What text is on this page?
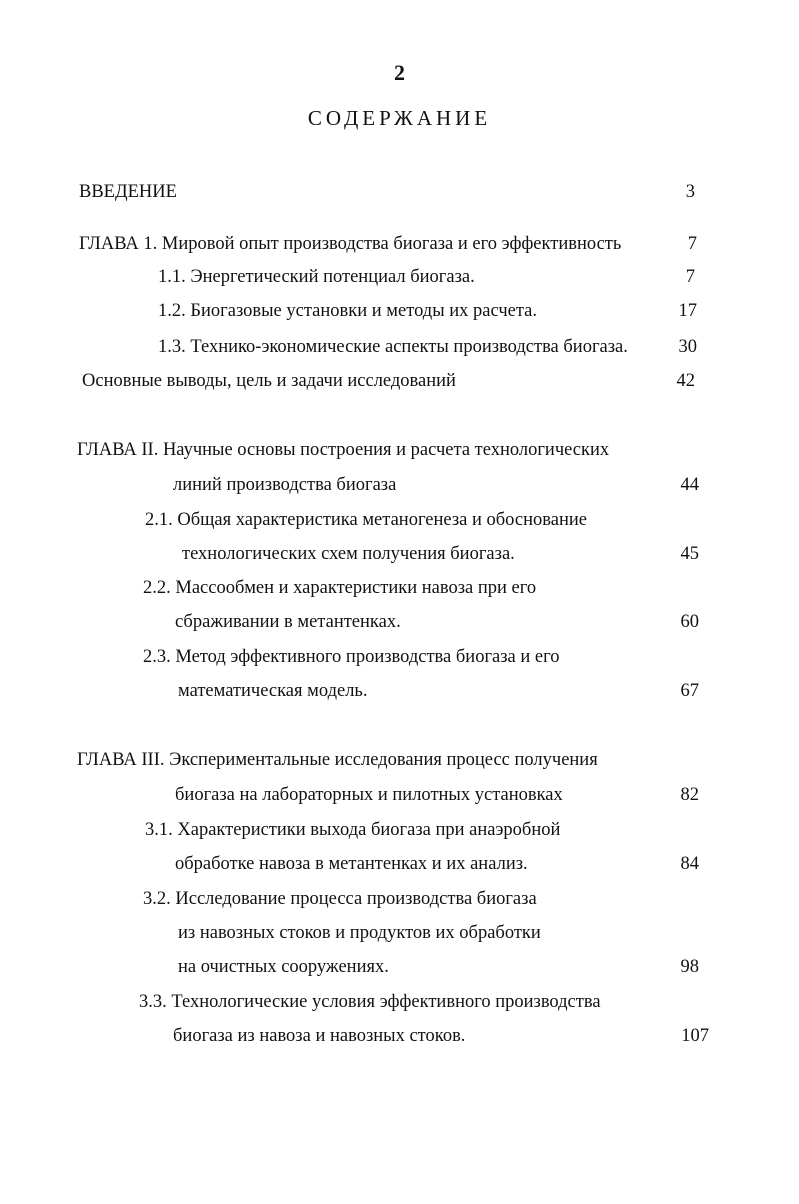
2
СОДЕРЖАНИЕ
ВВЕДЕНИЕ	3
ГЛАВА 1. Мировой опыт производства биогаза и его эффективность	7
1.1. Энергетический потенциал биогаза.	7
1.2. Биогазовые установки и методы их расчета.	17
1.3. Технико-экономические аспекты производства биогаза.	30
Основные выводы, цель и задачи исследований	42
ГЛАВА II. Научные основы построения и расчета технологических
линий производства биогаза	44
2.1. Общая характеристика метаногенеза и обоснование
технологических схем получения биогаза.	45
2.2. Массообмен и характеристики навоза при его
сбраживании в метантенках.	60
2.3. Метод эффективного производства биогаза и его
математическая модель.	67
ГЛАВА III. Экспериментальные исследования процесс получения
биогаза на лабораторных и пилотных установках	82
3.1. Характеристики выхода биогаза при анаэробной
обработке навоза в метантенках и их анализ.	84
3.2. Исследование процесса производства биогаза
из навозных стоков и продуктов их обработки
на очистных сооружениях.	98
3.3. Технологические условия эффективного производства
биогаза из навоза и навозных стоков.	107
